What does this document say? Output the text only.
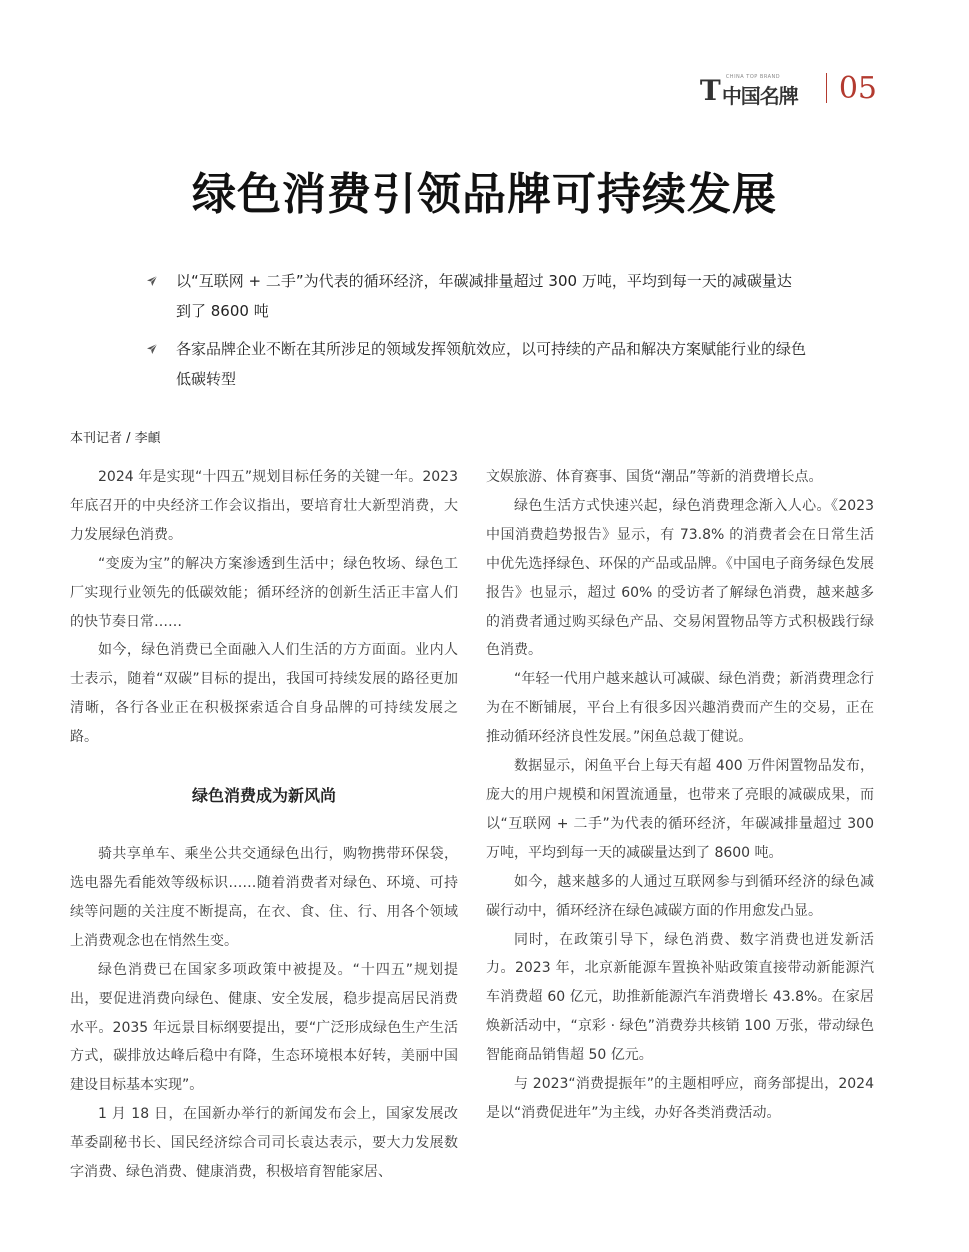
T CHINA TOP BRAND
中国名牌 05
绿色消费引领品牌可持续发展
以“互联网 + 二手”为代表的循环经济，年碳减排量超过 300 万吨，平均到每一天的减碳量达到了 8600 吨
各家品牌企业不断在其所涉足的领域发挥领航效应，以可持续的产品和解决方案赋能行业的绿色低碳转型
本刊记者 / 李頔

2024 年是实现“十四五”规划目标任务的关键一年。2023 年底召开的中央经济工作会议指出，要培育壮大新型消费，大力发展绿色消费。

“变废为宝”的解决方案渗透到生活中；绿色牧场、绿色工厂实现行业领先的低碳效能；循环经济的创新生活正丰富人们的快节奏日常……

如今，绿色消费已全面融入人们生活的方方面面。业内人士表示，随着“双碳”目标的提出，我国可持续发展的路径更加清晰，各行各业正在积极探索适合自身品牌的可持续发展之路。

绿色消费成为新风尚

骑共享单车、乘坐公共交通绿色出行，购物携带环保袋，选电器先看能效等级标识……随着消费者对绿色、环境、可持续等问题的关注度不断提高，在衣、食、住、行、用各个领域上消费观念也在悄然生变。

绿色消费已在国家多项政策中被提及。“十四五”规划提出，要促进消费向绿色、健康、安全发展，稳步提高居民消费水平。2035 年远景目标纲要提出，要“广泛形成绿色生产生活方式，碳排放达峰后稳中有降，生态环境根本好转，美丽中国建设目标基本实现”。

1 月 18 日，在国新办举行的新闻发布会上，国家发展改革委副秘书长、国民经济综合司司长袁达表示，要大力发展数字消费、绿色消费、健康消费，积极培育智能家居、

文娱旅游、体育赛事、国货“潮品”等新的消费增长点。

绿色生活方式快速兴起，绿色消费理念渐入人心。《2023 中国消费趋势报告》显示，有 73.8% 的消费者会在日常生活中优先选择绿色、环保的产品或品牌。《中国电子商务绿色发展报告》也显示，超过 60% 的受访者了解绿色消费，越来越多的消费者通过购买绿色产品、交易闲置物品等方式积极践行绿色消费。

“年轻一代用户越来越认可减碳、绿色消费；新消费理念行为在不断铺展，平台上有很多因兴趣消费而产生的交易，正在推动循环经济良性发展。”闲鱼总裁丁健说。

数据显示，闲鱼平台上每天有超 400 万件闲置物品发布，庞大的用户规模和闲置流通量，也带来了亮眼的减碳成果，而以“互联网 + 二手”为代表的循环经济，年碳减排量超过 300 万吨，平均到每一天的减碳量达到了 8600 吨。

如今，越来越多的人通过互联网参与到循环经济的绿色减碳行动中，循环经济在绿色减碳方面的作用愈发凸显。

同时，在政策引导下，绿色消费、数字消费也迸发新活力。2023 年，北京新能源车置换补贴政策直接带动新能源汽车消费超 60 亿元，助推新能源汽车消费增长 43.8%。在家居焕新活动中，“京彩 · 绿色”消费券共核销 100 万张，带动绿色智能商品销售超 50 亿元。

与 2023“消费提振年”的主题相呼应，商务部提出，2024 是以“消费促进年”为主线，办好各类消费活动。
